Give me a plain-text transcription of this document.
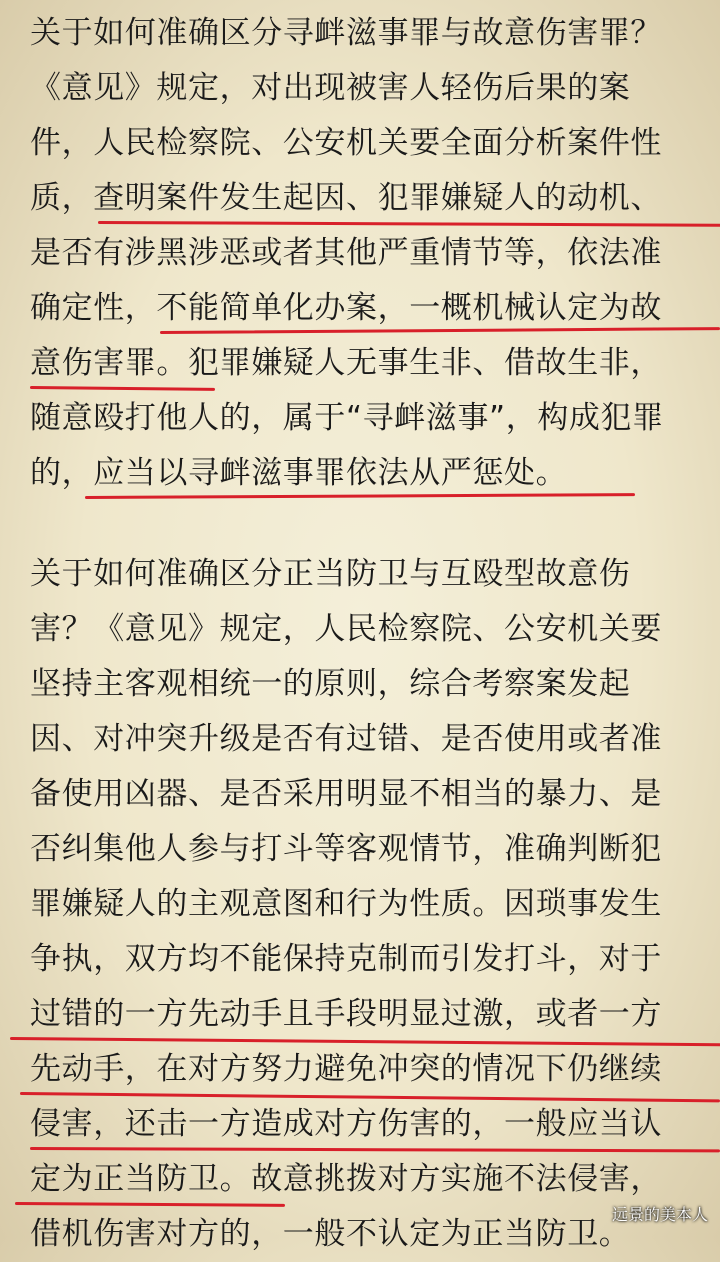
关于如何准确区分寻衅滋事罪与故意伤害罪？
《意见》规定，对出现被害人轻伤后果的案
件，人民检察院、公安机关要全面分析案件性
质，查明案件发生起因、犯罪嫌疑人的动机、
是否有涉黑涉恶或者其他严重情节等，依法准
确定性，不能简单化办案，一概机械认定为故
意伤害罪。犯罪嫌疑人无事生非、借故生非，
随意殴打他人的，属于“寻衅滋事”，构成犯罪
的，应当以寻衅滋事罪依法从严惩处。
关于如何准确区分正当防卫与互殴型故意伤
害？《意见》规定，人民检察院、公安机关要
坚持主客观相统一的原则，综合考察案发起
因、对冲突升级是否有过错、是否使用或者准
备使用凶器、是否采用明显不相当的暴力、是
否纠集他人参与打斗等客观情节，准确判断犯
罪嫌疑人的主观意图和行为性质。因琐事发生
争执，双方均不能保持克制而引发打斗，对于
过错的一方先动手且手段明显过激，或者一方
先动手，在对方努力避免冲突的情况下仍继续
侵害，还击一方造成对方伤害的，一般应当认
定为正当防卫。故意挑拨对方实施不法侵害，
借机伤害对方的，一般不认定为正当防卫。
远景的美本人
